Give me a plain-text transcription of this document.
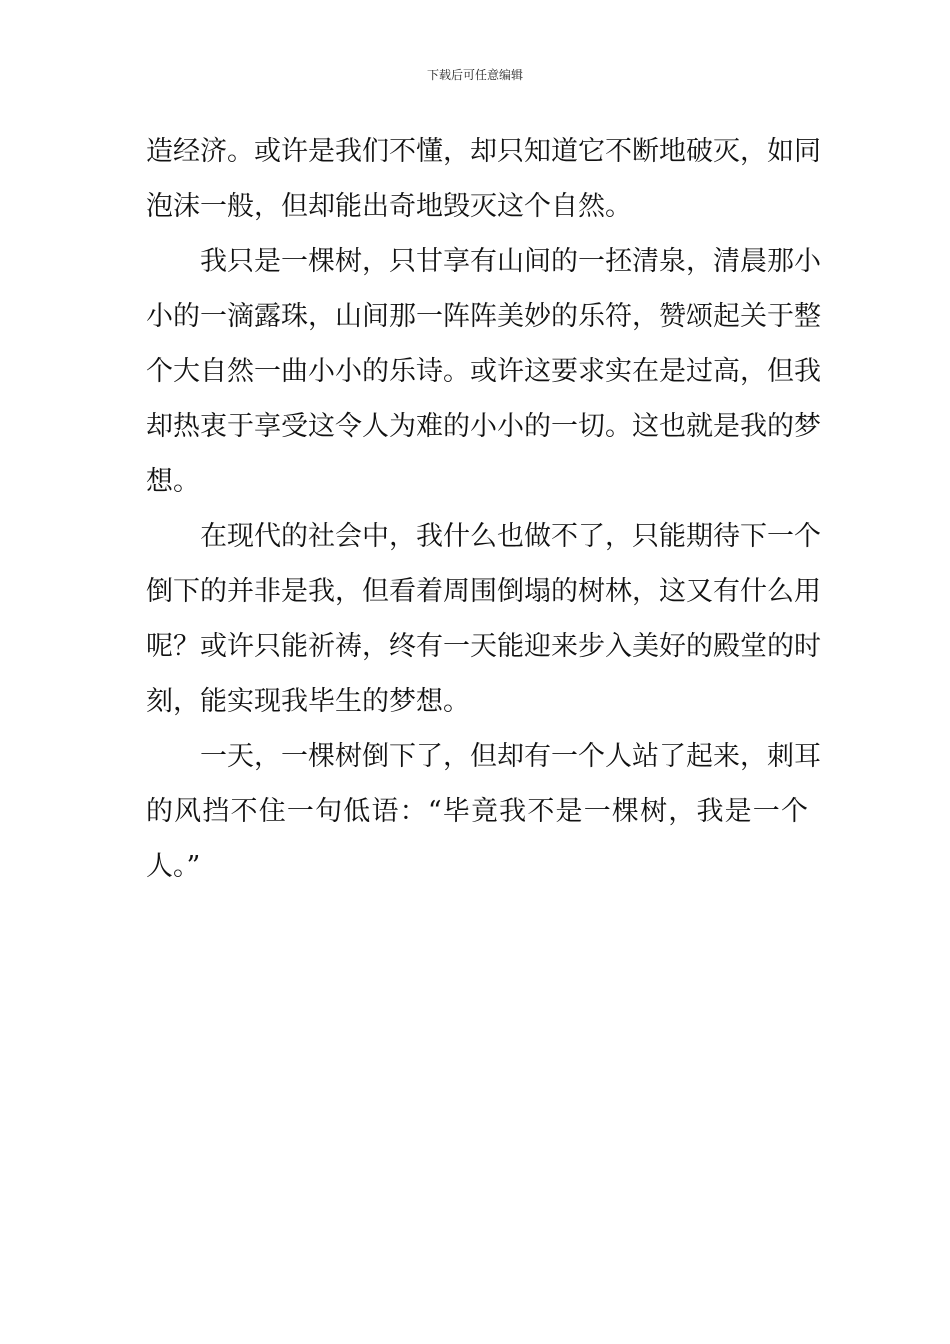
下载后可任意编辑
造经济。或许是我们不懂，却只知道它不断地破灭，如同
泡沫一般，但却能出奇地毁灭这个自然。
我只是一棵树，只甘享有山间的一抷清泉，清晨那小
小的一滴露珠，山间那一阵阵美妙的乐符，赞颂起关于整
个大自然一曲小小的乐诗。或许这要求实在是过高，但我
却热衷于享受这令人为难的小小的一切。这也就是我的梦
想。
在现代的社会中，我什么也做不了，只能期待下一个
倒下的并非是我，但看着周围倒塌的树林，这又有什么用
呢？或许只能祈祷，终有一天能迎来步入美好的殿堂的时
刻，能实现我毕生的梦想。
一天，一棵树倒下了，但却有一个人站了起来，刺耳
的风挡不住一句低语：“毕竟我不是一棵树，我是一个
人。”
